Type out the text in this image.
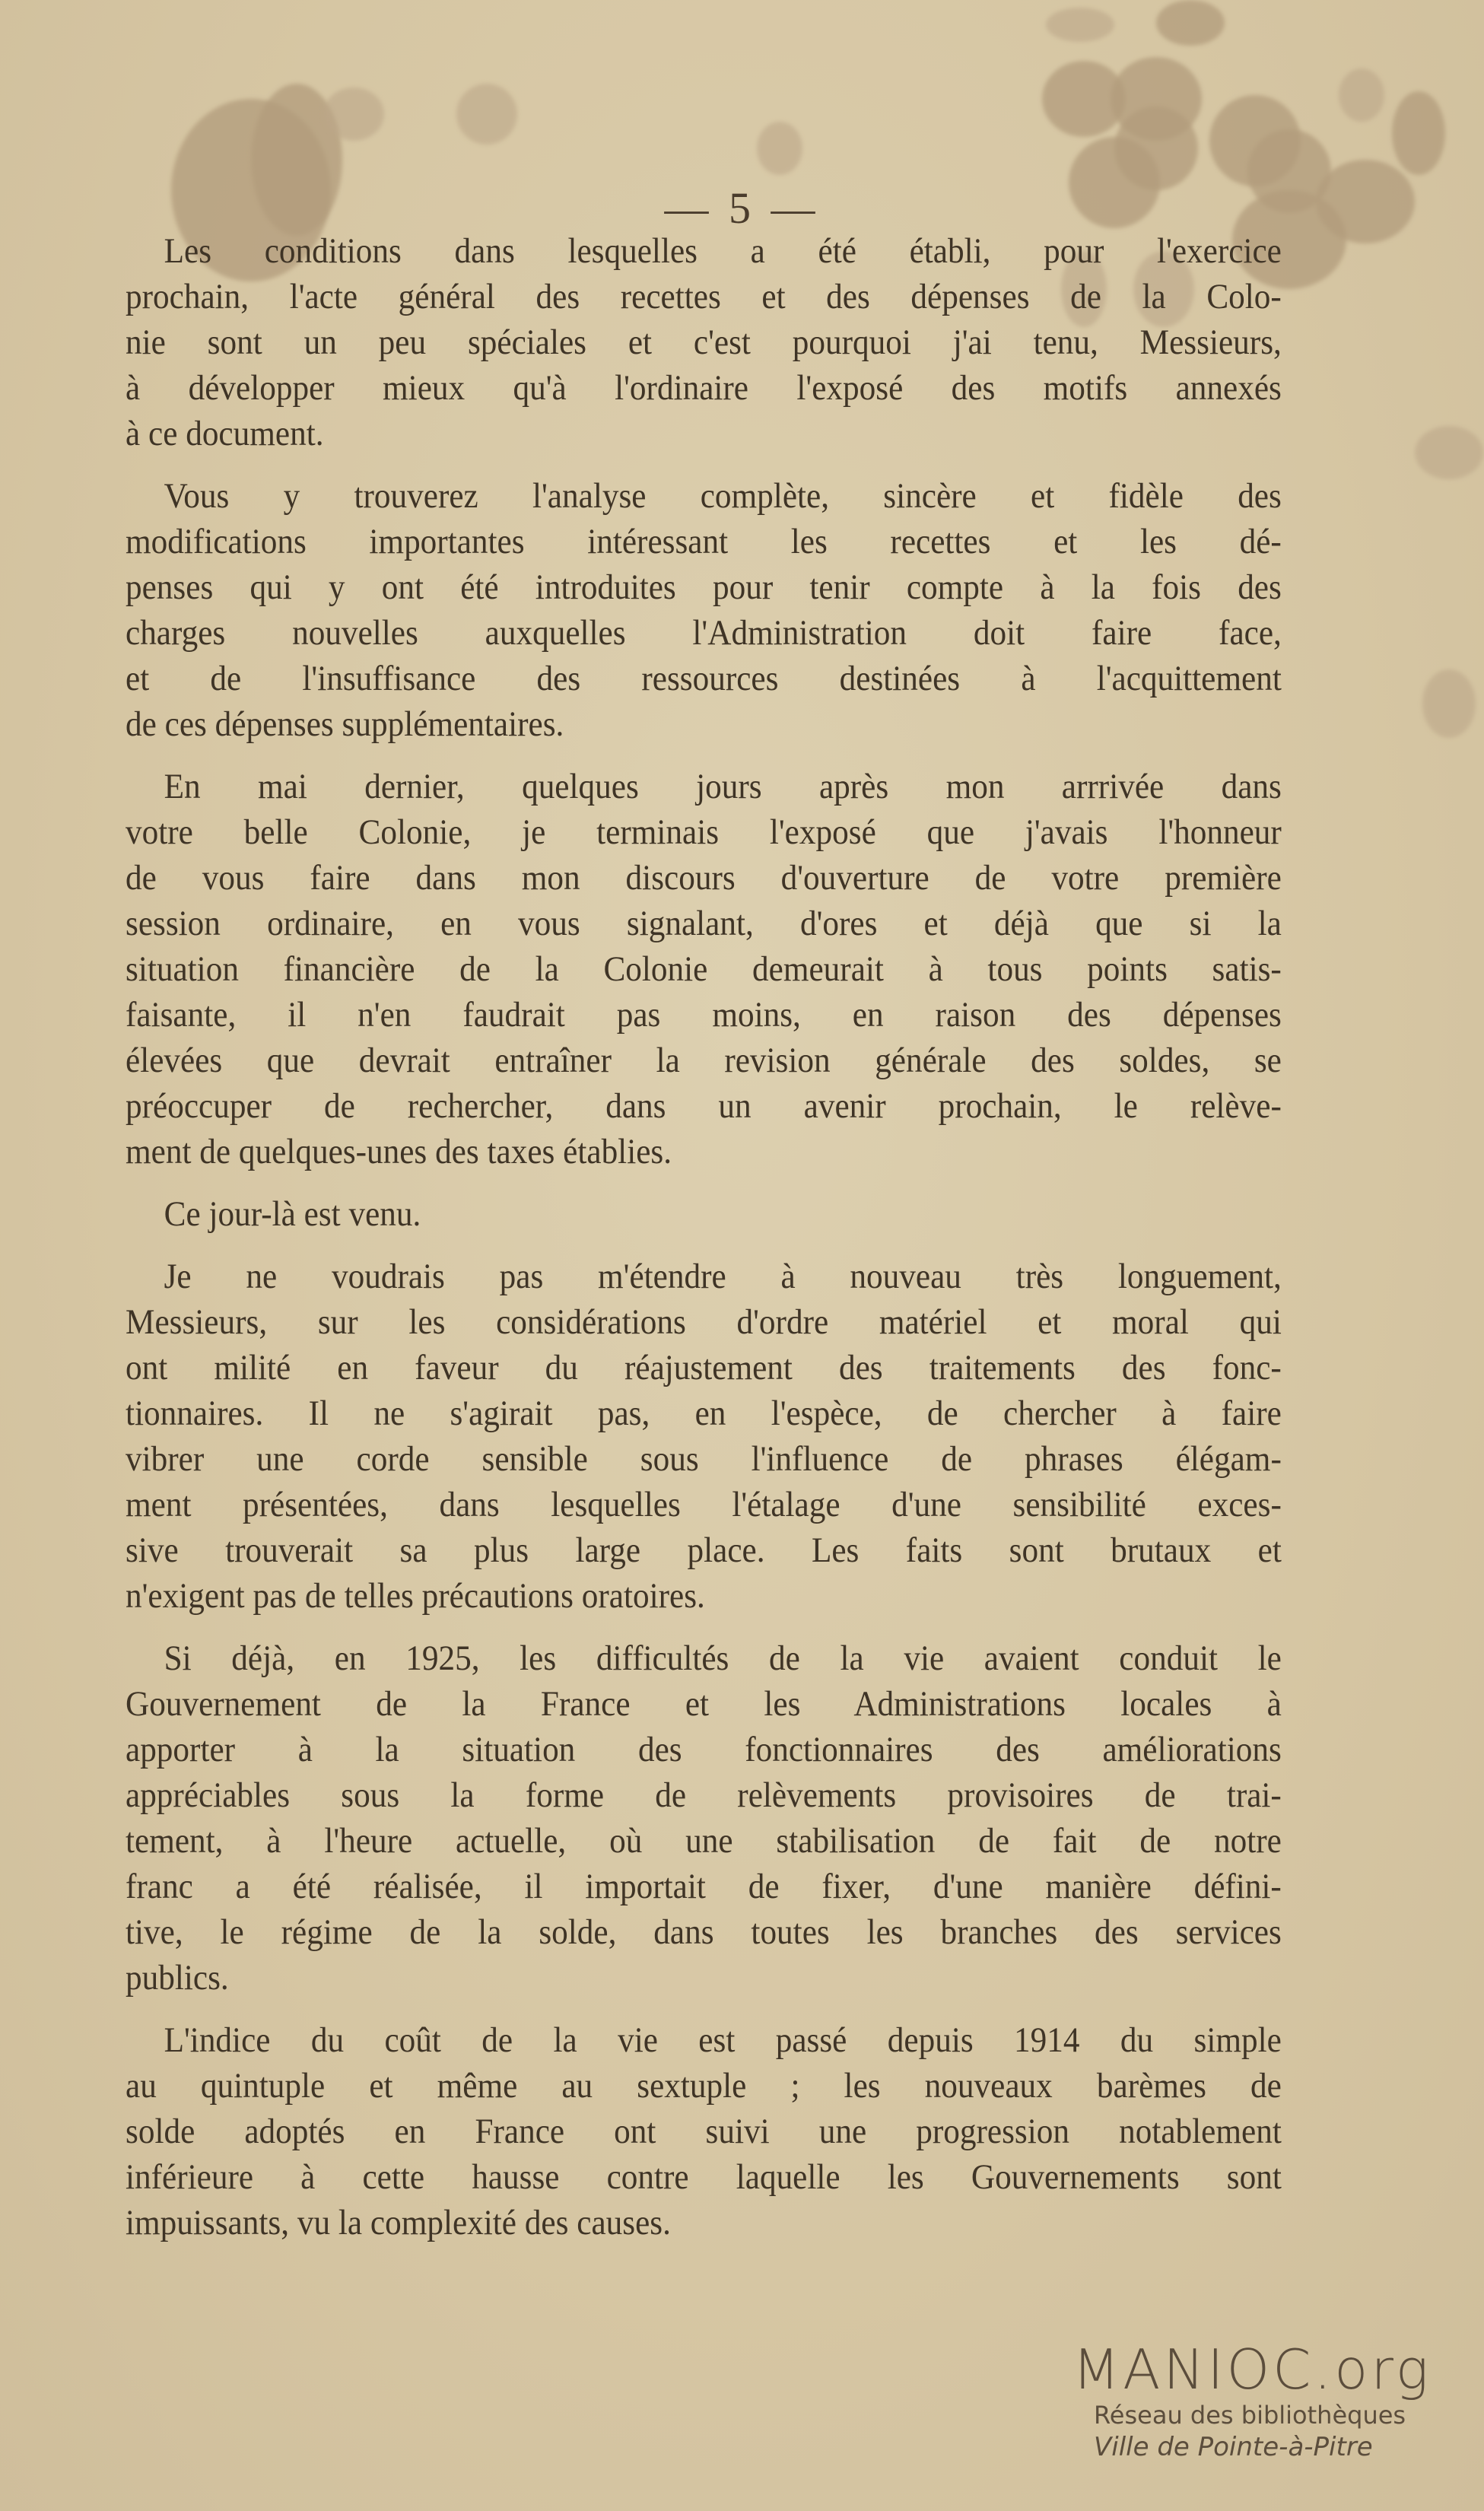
— 5 —
Les conditions dans lesquelles a été établi, pour l'exercice
prochain, l'acte général des recettes et des dépenses de la Colo-
nie sont un peu spéciales et c'est pourquoi j'ai tenu, Messieurs,
à développer mieux qu'à l'ordinaire l'exposé des motifs annexés
à ce document.
Vous y trouverez l'analyse complète, sincère et fidèle des
modifications importantes intéressant les recettes et les dé-
penses qui y ont été introduites pour tenir compte à la fois des
charges nouvelles auxquelles l'Administration doit faire face,
et de l'insuffisance des ressources destinées à l'acquittement
de ces dépenses supplémentaires.
En mai dernier, quelques jours après mon arrrivée dans
votre belle Colonie, je terminais l'exposé que j'avais l'honneur
de vous faire dans mon discours d'ouverture de votre première
session ordinaire, en vous signalant, d'ores et déjà que si la
situation financière de la Colonie demeurait à tous points satis-
faisante, il n'en faudrait pas moins, en raison des dépenses
élevées que devrait entraîner la revision générale des soldes, se
préoccuper de rechercher, dans un avenir prochain, le relève-
ment de quelques-unes des taxes établies.
Ce jour-là est venu.
Je ne voudrais pas m'étendre à nouveau très longuement,
Messieurs, sur les considérations d'ordre matériel et moral qui
ont milité en faveur du réajustement des traitements des fonc-
tionnaires. Il ne s'agirait pas, en l'espèce, de chercher à faire
vibrer une corde sensible sous l'influence de phrases élégam-
ment présentées, dans lesquelles l'étalage d'une sensibilité exces-
sive trouverait sa plus large place. Les faits sont brutaux et
n'exigent pas de telles précautions oratoires.
Si déjà, en 1925, les difficultés de la vie avaient conduit le
Gouvernement de la France et les Administrations locales à
apporter à la situation des fonctionnaires des améliorations
appréciables sous la forme de relèvements provisoires de trai-
tement, à l'heure actuelle, où une stabilisation de fait de notre
franc a été réalisée, il importait de fixer, d'une manière défini-
tive, le régime de la solde, dans toutes les branches des services
publics.
L'indice du coût de la vie est passé depuis 1914 du simple
au quintuple et même au sextuple ; les nouveaux barèmes de
solde adoptés en France ont suivi une progression notablement
inférieure à cette hausse contre laquelle les Gouvernements sont
impuissants, vu la complexité des causes.
MANIOC.org
Réseau des bibliothèques
Ville de Pointe-à-Pitre
